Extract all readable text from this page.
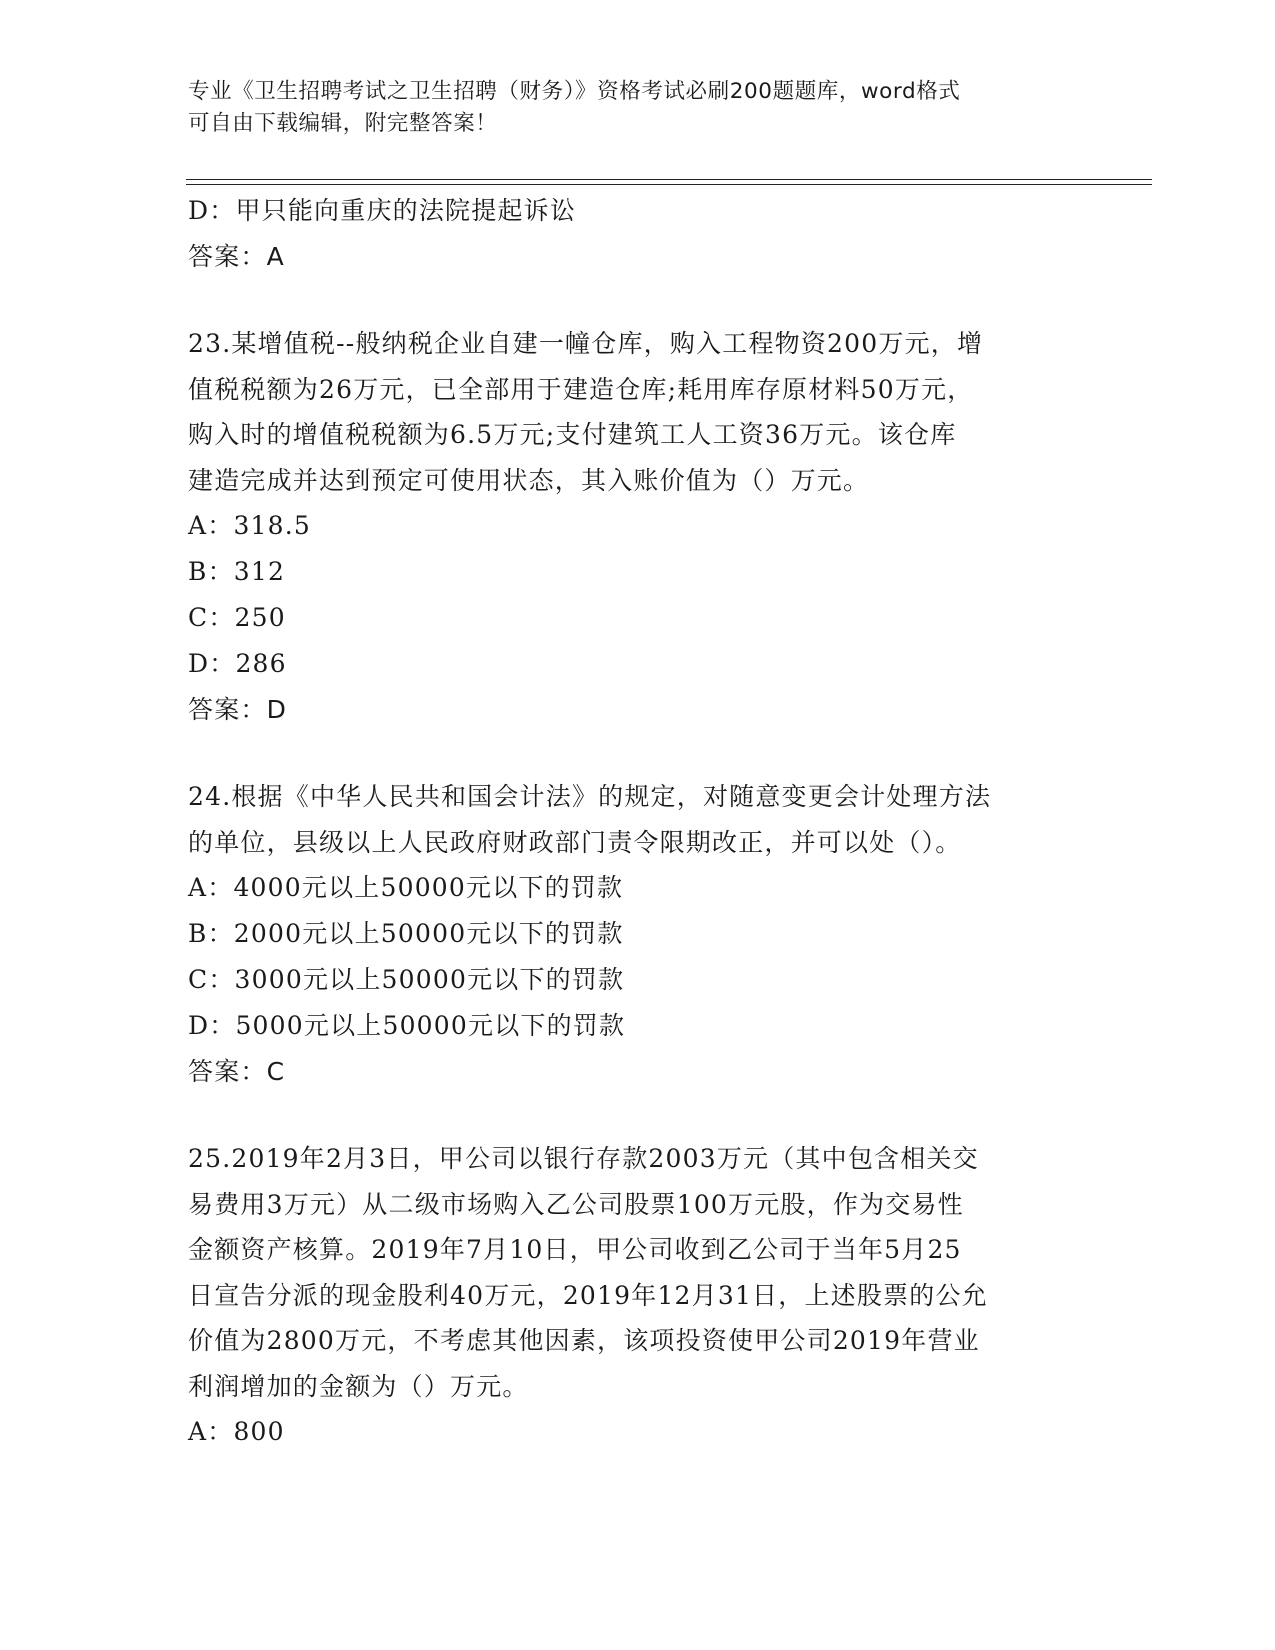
专业《卫生招聘考试之卫生招聘（财务）》资格考试必刷200题题库，word格式
可自由下载编辑，附完整答案！
D：甲只能向重庆的法院提起诉讼
答案：A
23.某增值税--般纳税企业自建一幢仓库，购入工程物资200万元，增
值税税额为26万元，已全部用于建造仓库;耗用库存原材料50万元，
购入时的增值税税额为6.5万元;支付建筑工人工资36万元。该仓库
建造完成并达到预定可使用状态，其入账价值为（）万元。
A：318.5
B：312
C：250
D：286
答案：D
24.根据《中华人民共和国会计法》的规定，对随意变更会计处理方法
的单位，县级以上人民政府财政部门责令限期改正，并可以处（）。
A：4000元以上50000元以下的罚款
B：2000元以上50000元以下的罚款
C：3000元以上50000元以下的罚款
D：5000元以上50000元以下的罚款
答案：C
25.2019年2月3日，甲公司以银行存款2003万元（其中包含相关交
易费用3万元）从二级市场购入乙公司股票100万元股，作为交易性
金额资产核算。2019年7月10日，甲公司收到乙公司于当年5月25
日宣告分派的现金股利40万元，2019年12月31日，上述股票的公允
价值为2800万元，不考虑其他因素，该项投资使甲公司2019年营业
利润增加的金额为（）万元。
A：800
